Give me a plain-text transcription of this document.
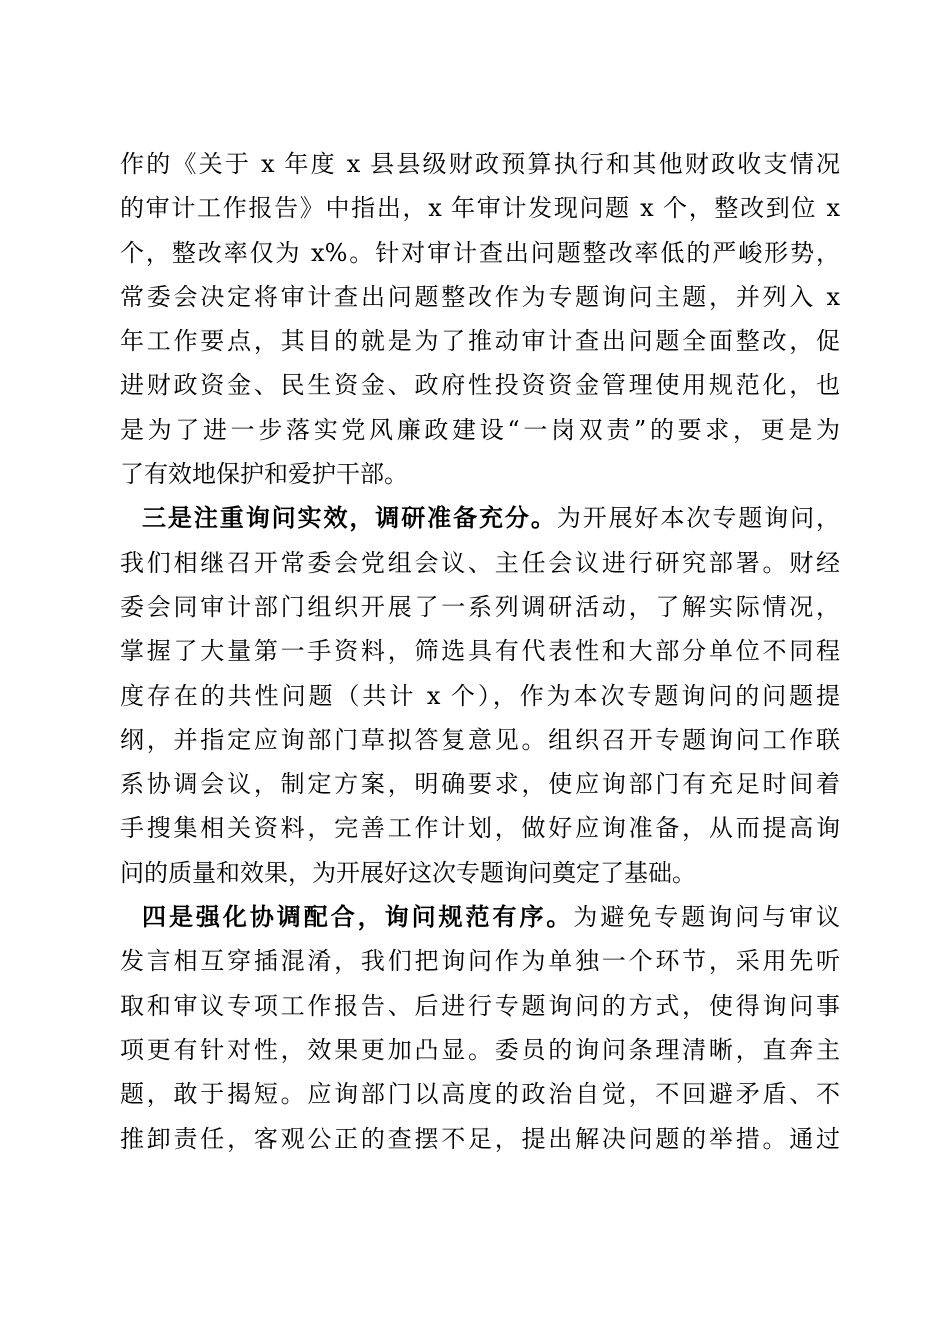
作的《关于 x 年度 x 县县级财政预算执行和其他财政收支情况
的审计工作报告》中指出，x 年审计发现问题 x 个，整改到位 x
个，整改率仅为 x%。针对审计查出问题整改率低的严峻形势，
常委会决定将审计查出问题整改作为专题询问主题，并列入 x
年工作要点，其目的就是为了推动审计查出问题全面整改，促
进财政资金、民生资金、政府性投资资金管理使用规范化，也
是为了进一步落实党风廉政建设“一岗双责”的要求，更是为
了有效地保护和爱护干部。
三是注重询问实效，调研准备充分。为开展好本次专题询问，
我们相继召开常委会党组会议、主任会议进行研究部署。财经
委会同审计部门组织开展了一系列调研活动，了解实际情况，
掌握了大量第一手资料，筛选具有代表性和大部分单位不同程
度存在的共性问题（共计 x 个），作为本次专题询问的问题提
纲，并指定应询部门草拟答复意见。组织召开专题询问工作联
系协调会议，制定方案，明确要求，使应询部门有充足时间着
手搜集相关资料，完善工作计划，做好应询准备，从而提高询
问的质量和效果，为开展好这次专题询问奠定了基础。
四是强化协调配合，询问规范有序。为避免专题询问与审议
发言相互穿插混淆，我们把询问作为单独一个环节，采用先听
取和审议专项工作报告、后进行专题询问的方式，使得询问事
项更有针对性，效果更加凸显。委员的询问条理清晰，直奔主
题，敢于揭短。应询部门以高度的政治自觉，不回避矛盾、不
推卸责任，客观公正的查摆不足，提出解决问题的举措。通过
